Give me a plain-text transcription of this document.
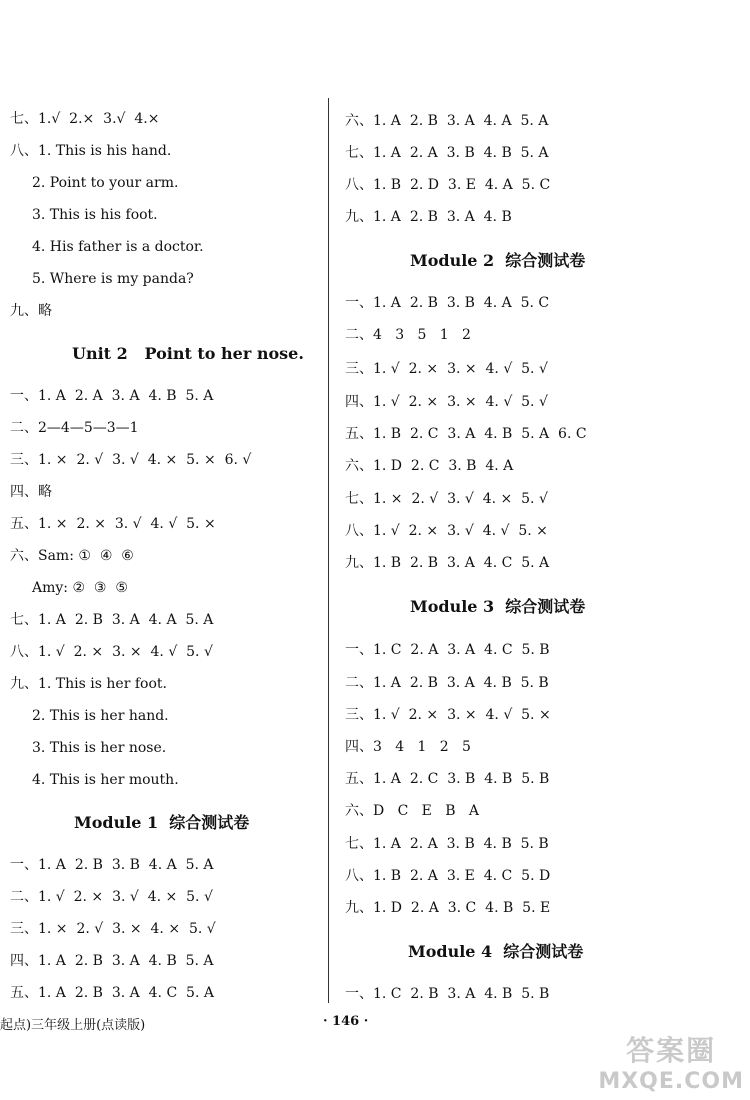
七、1.√  2.×  3.√  4.×
八、1. This is his hand.
2. Point to your arm.
3. This is his foot.
4. His father is a doctor.
5. Where is my panda?
九、略
Unit 2   Point to her nose.
一、1. A  2. A  3. A  4. B  5. A
二、2—4—5—3—1
三、1. ×  2. √  3. √  4. ×  5. ×  6. √
四、略
五、1. ×  2. ×  3. √  4. √  5. ×
六、Sam: ①  ④  ⑥
Amy: ②  ③  ⑤
七、1. A  2. B  3. A  4. A  5. A
八、1. √  2. ×  3. ×  4. √  5. √
九、1. This is her foot.
2. This is her hand.
3. This is her nose.
4. This is her mouth.
Module 1  综合测试卷
一、1. A  2. B  3. B  4. A  5. A
二、1. √  2. ×  3. √  4. ×  5. √
三、1. ×  2. √  3. ×  4. ×  5. √
四、1. A  2. B  3. A  4. B  5. A
五、1. A  2. B  3. A  4. C  5. A
六、1. A  2. B  3. A  4. A  5. A
七、1. A  2. A  3. B  4. B  5. A
八、1. B  2. D  3. E  4. A  5. C
九、1. A  2. B  3. A  4. B
Module 2  综合测试卷
一、1. A  2. B  3. B  4. A  5. C
二、4   3   5   1   2
三、1. √  2. ×  3. ×  4. √  5. √
四、1. √  2. ×  3. ×  4. √  5. √
五、1. B  2. C  3. A  4. B  5. A  6. C
六、1. D  2. C  3. B  4. A
七、1. ×  2. √  3. √  4. ×  5. √
八、1. √  2. ×  3. √  4. √  5. ×
九、1. B  2. B  3. A  4. C  5. A
Module 3  综合测试卷
一、1. C  2. A  3. A  4. C  5. B
二、1. A  2. B  3. A  4. B  5. B
三、1. √  2. ×  3. ×  4. √  5. ×
四、3   4   1   2   5
五、1. A  2. C  3. B  4. B  5. B
六、D   C   E   B   A
七、1. A  2. A  3. B  4. B  5. B
八、1. B  2. A  3. E  4. C  5. D
九、1. D  2. A  3. C  4. B  5. E
Module 4  综合测试卷
一、1. C  2. B  3. A  4. B  5. B
起点)三年级上册(点读版)	· 146 ·
答案圈
MXQE.COM
